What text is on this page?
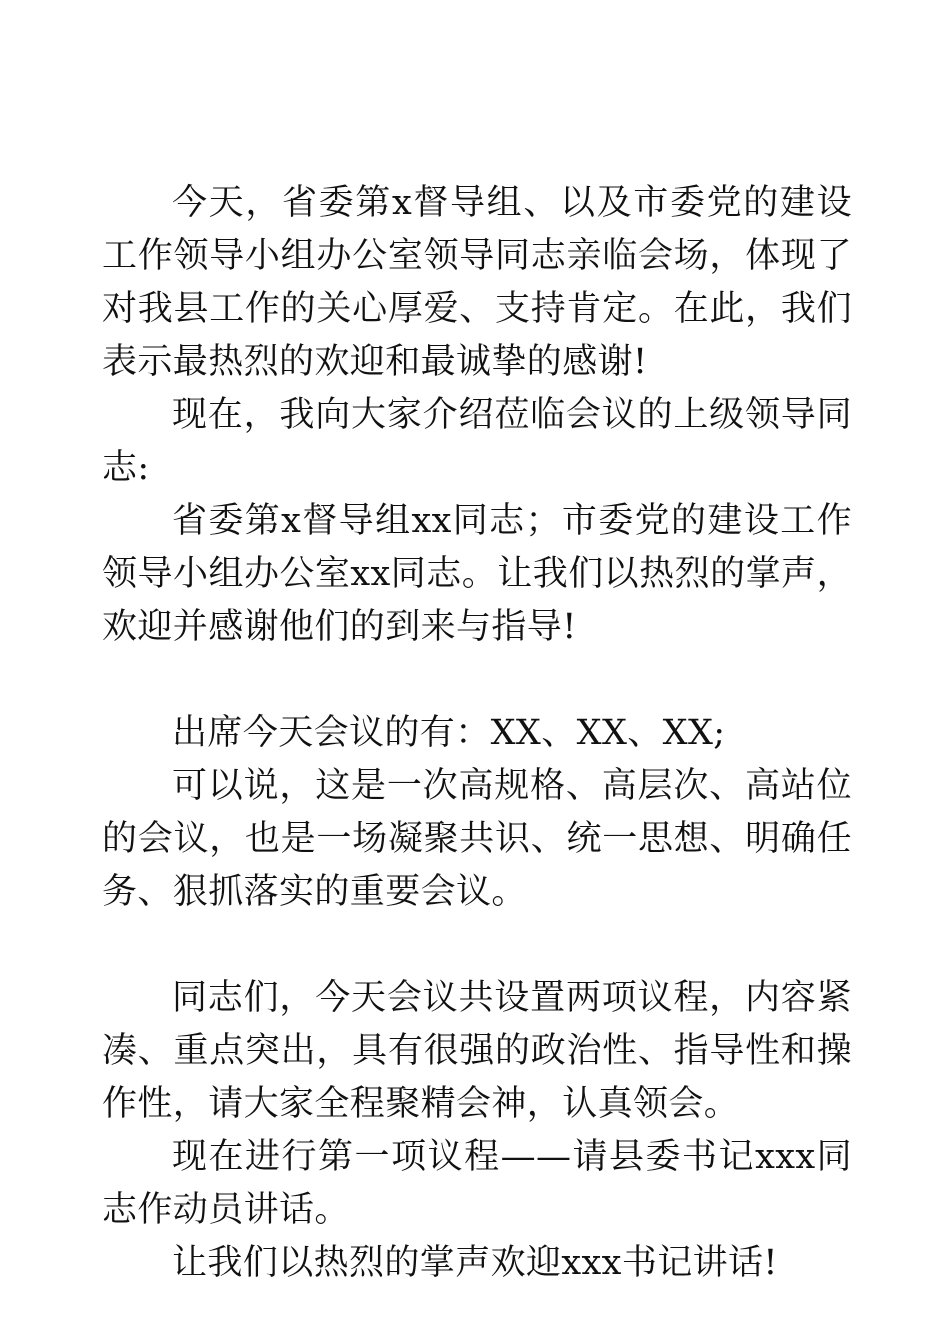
今天，省委第x督导组、以及市委党的建设工作领导小组办公室领导同志亲临会场，体现了对我县工作的关心厚爱、支持肯定。在此，我们表示最热烈的欢迎和最诚挚的感谢!

现在，我向大家介绍莅临会议的上级领导同志:

省委第x督导组xx同志；市委党的建设工作领导小组办公室xx同志。让我们以热烈的掌声，欢迎并感谢他们的到来与指导!

出席今天会议的有：XX、XX、XX;

可以说，这是一次高规格、高层次、高站位的会议，也是一场凝聚共识、统一思想、明确任务、狠抓落实的重要会议。

同志们，今天会议共设置两项议程，内容紧凑、重点突出，具有很强的政治性、指导性和操作性，请大家全程聚精会神，认真领会。

现在进行第一项议程——请县委书记xxx同志作动员讲话。

让我们以热烈的掌声欢迎xxx书记讲话!
